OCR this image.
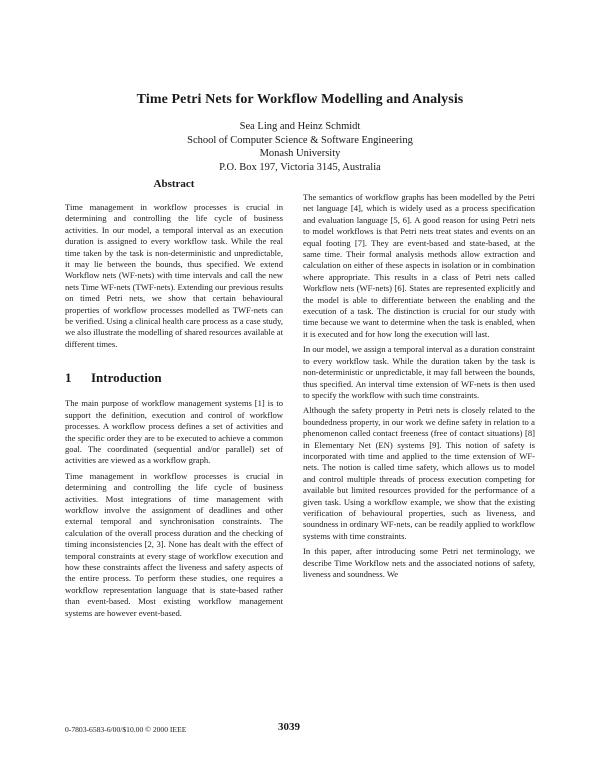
Time Petri Nets for Workflow Modelling and Analysis
Sea Ling and Heinz Schmidt
School of Computer Science & Software Engineering
Monash University
P.O. Box 197, Victoria 3145, Australia
Abstract

Time management in workflow processes is crucial in determining and controlling the life cycle of business activities. In our model, a temporal interval as an execution duration is assigned to every workflow task. While the real time taken by the task is non-deterministic and unpredictable, it may lie between the bounds, thus specified. We extend Workflow nets (WF-nets) with time intervals and call the new nets Time WF-nets (TWF-nets). Extending our previous results on timed Petri nets, we show that certain behavioural properties of workflow processes modelled as TWF-nets can be verified. Using a clinical health care process as a case study, we also illustrate the modelling of shared resources available at different times.

1 Introduction

The main purpose of workflow management systems [1] is to support the definition, execution and control of workflow processes. A workflow process defines a set of activities and the specific order they are to be executed to achieve a common goal. The coordinated (sequential and/or parallel) set of activities are viewed as a workflow graph.

Time management in workflow processes is crucial in determining and controlling the life cycle of business activities. Most integrations of time management with workflow involve the assignment of deadlines and other external temporal and synchronisation constraints. The calculation of the overall process duration and the checking of timing inconsistencies [2, 3]. None has dealt with the effect of temporal constraints at every stage of workflow execution and how these constraints affect the liveness and safety aspects of the entire process. To perform these studies, one requires a workflow representation language that is state-based rather than event-based. Most existing workflow management systems are however event-based.

The semantics of workflow graphs has been modelled by the Petri net language [4], which is widely used as a process specification and evaluation language [5, 6]. A good reason for using Petri nets to model workflows is that Petri nets treat states and events on an equal footing [7]. They are event-based and state-based, at the same time. Their formal analysis methods allow extraction and calculation on either of these aspects in isolation or in combination where appropriate. This results in a class of Petri nets called Workflow nets (WF-nets) [6]. States are represented explicitly and the model is able to differentiate between the enabling and the execution of a task. The distinction is crucial for our study with time because we want to determine when the task is enabled, when it is executed and for how long the execution will last.

In our model, we assign a temporal interval as a duration constraint to every workflow task. While the duration taken by the task is non-deterministic or unpredictable, it may fall between the bounds, thus specified. An interval time extension of WF-nets is then used to specify the workflow with such time constraints.

Although the safety property in Petri nets is closely related to the boundedness property, in our work we define safety in relation to a phenomenon called contact freeness (free of contact situations) [8] in Elementary Net (EN) systems [9]. This notion of safety is incorporated with time and applied to the time extension of WF-nets. The notion is called time safety, which allows us to model and control multiple threads of process execution competing for available but limited resources provided for the performance of a given task. Using a workflow example, we show that the existing verification of behavioural properties, such as liveness, and soundness in ordinary WF-nets, can be readily applied to workflow systems with time constraints.

In this paper, after introducing some Petri net terminology, we describe Time Workflow nets and the associated notions of safety, liveness and soundness. We

0-7803-6583-6/00/$10.00 © 2000 IEEE	3039
